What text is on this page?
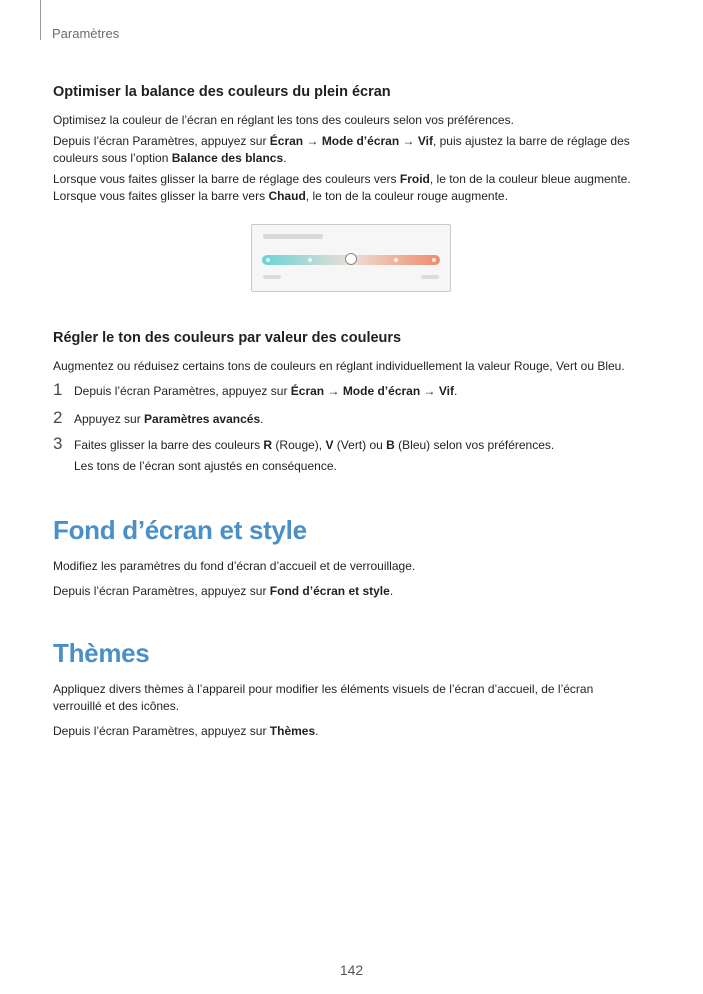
Paramètres
Optimiser la balance des couleurs du plein écran

Optimisez la couleur de l’écran en réglant les tons des couleurs selon vos préférences.

Depuis l’écran Paramètres, appuyez sur Écran → Mode d’écran → Vif, puis ajustez la barre de réglage des couleurs sous l’option Balance des blancs.

Lorsque vous faites glisser la barre de réglage des couleurs vers Froid, le ton de la couleur bleue augmente.

Lorsque vous faites glisser la barre vers Chaud, le ton de la couleur rouge augmente.

Régler le ton des couleurs par valeur des couleurs

Augmentez ou réduisez certains tons de couleurs en réglant individuellement la valeur Rouge, Vert ou Bleu.

1 Depuis l’écran Paramètres, appuyez sur Écran → Mode d’écran → Vif.

2 Appuyez sur Paramètres avancés.

3 Faites glisser la barre des couleurs R (Rouge), V (Vert) ou B (Bleu) selon vos préférences.

Les tons de l’écran sont ajustés en conséquence.

Fond d’écran et style

Modifiez les paramètres du fond d’écran d’accueil et de verrouillage.

Depuis l’écran Paramètres, appuyez sur Fond d’écran et style.

Thèmes

Appliquez divers thèmes à l’appareil pour modifier les éléments visuels de l’écran d’accueil, de l’écran verrouillé et des icônes.

Depuis l’écran Paramètres, appuyez sur Thèmes.

142
